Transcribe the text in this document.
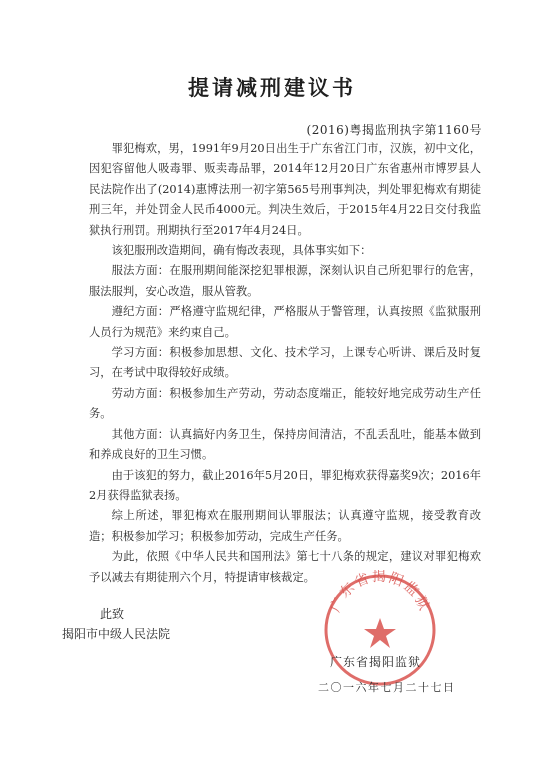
提请减刑建议书
(2016)粤揭监刑执字第1160号

罪犯梅欢，男，1991年9月20日出生于广东省江门市，汉族，初中文化，因犯容留他人吸毒罪、贩卖毒品罪，2014年12月20日广东省惠州市博罗县人民法院作出了(2014)惠博法刑一初字第565号刑事判决，判处罪犯梅欢有期徒刑三年，并处罚金人民币4000元。判决生效后，于2015年4月22日交付我监狱执行刑罚。刑期执行至2017年4月24日。

该犯服刑改造期间，确有悔改表现，具体事实如下：

服法方面：在服刑期间能深挖犯罪根源，深刻认识自己所犯罪行的危害，服法服判，安心改造，服从管教。

遵纪方面：严格遵守监规纪律，严格服从于警管理，认真按照《监狱服刑人员行为规范》来约束自己。

学习方面：积极参加思想、文化、技术学习，上课专心听讲、课后及时复习，在考试中取得较好成绩。

劳动方面：积极参加生产劳动，劳动态度端正，能较好地完成劳动生产任务。

其他方面：认真搞好内务卫生，保持房间清洁，不乱丢乱吐，能基本做到和养成良好的卫生习惯。

由于该犯的努力，截止2016年5月20日，罪犯梅欢获得嘉奖9次；2016年2月获得监狱表扬。

综上所述，罪犯梅欢在服刑期间认罪服法；认真遵守监规，接受教育改造；积极参加学习；积极参加劳动，完成生产任务。

为此，依照《中华人民共和国刑法》第七十八条的规定，建议对罪犯梅欢予以减去有期徒刑六个月，特提请审核裁定。

此致
揭阳市中级人民法院
广东省揭阳监狱
广东省揭阳监狱
二〇一六年七月二十七日
